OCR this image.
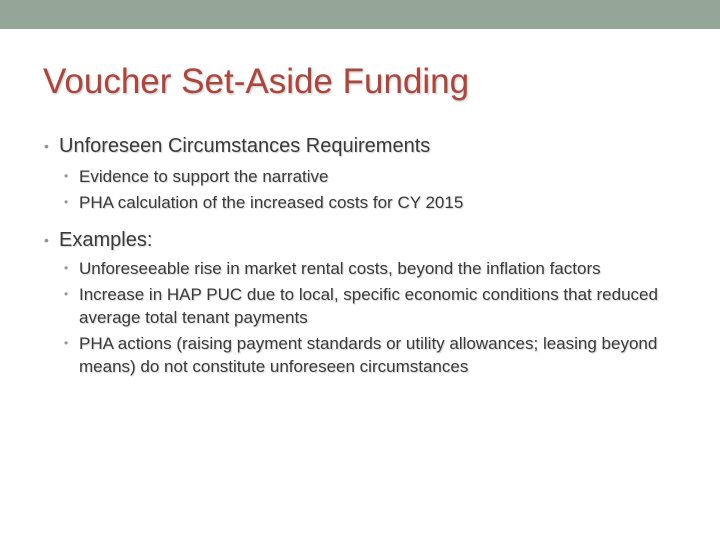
Voucher Set-Aside Funding
• Unforeseen Circumstances Requirements
• Evidence to support the narrative
• PHA calculation of the increased costs for CY 2015
• Examples:
• Unforeseeable rise in market rental costs, beyond the inflation factors
• Increase in HAP PUC due to local, specific economic conditions that reduced average total tenant payments
• PHA actions (raising payment standards or utility allowances; leasing beyond means) do not constitute unforeseen circumstances
